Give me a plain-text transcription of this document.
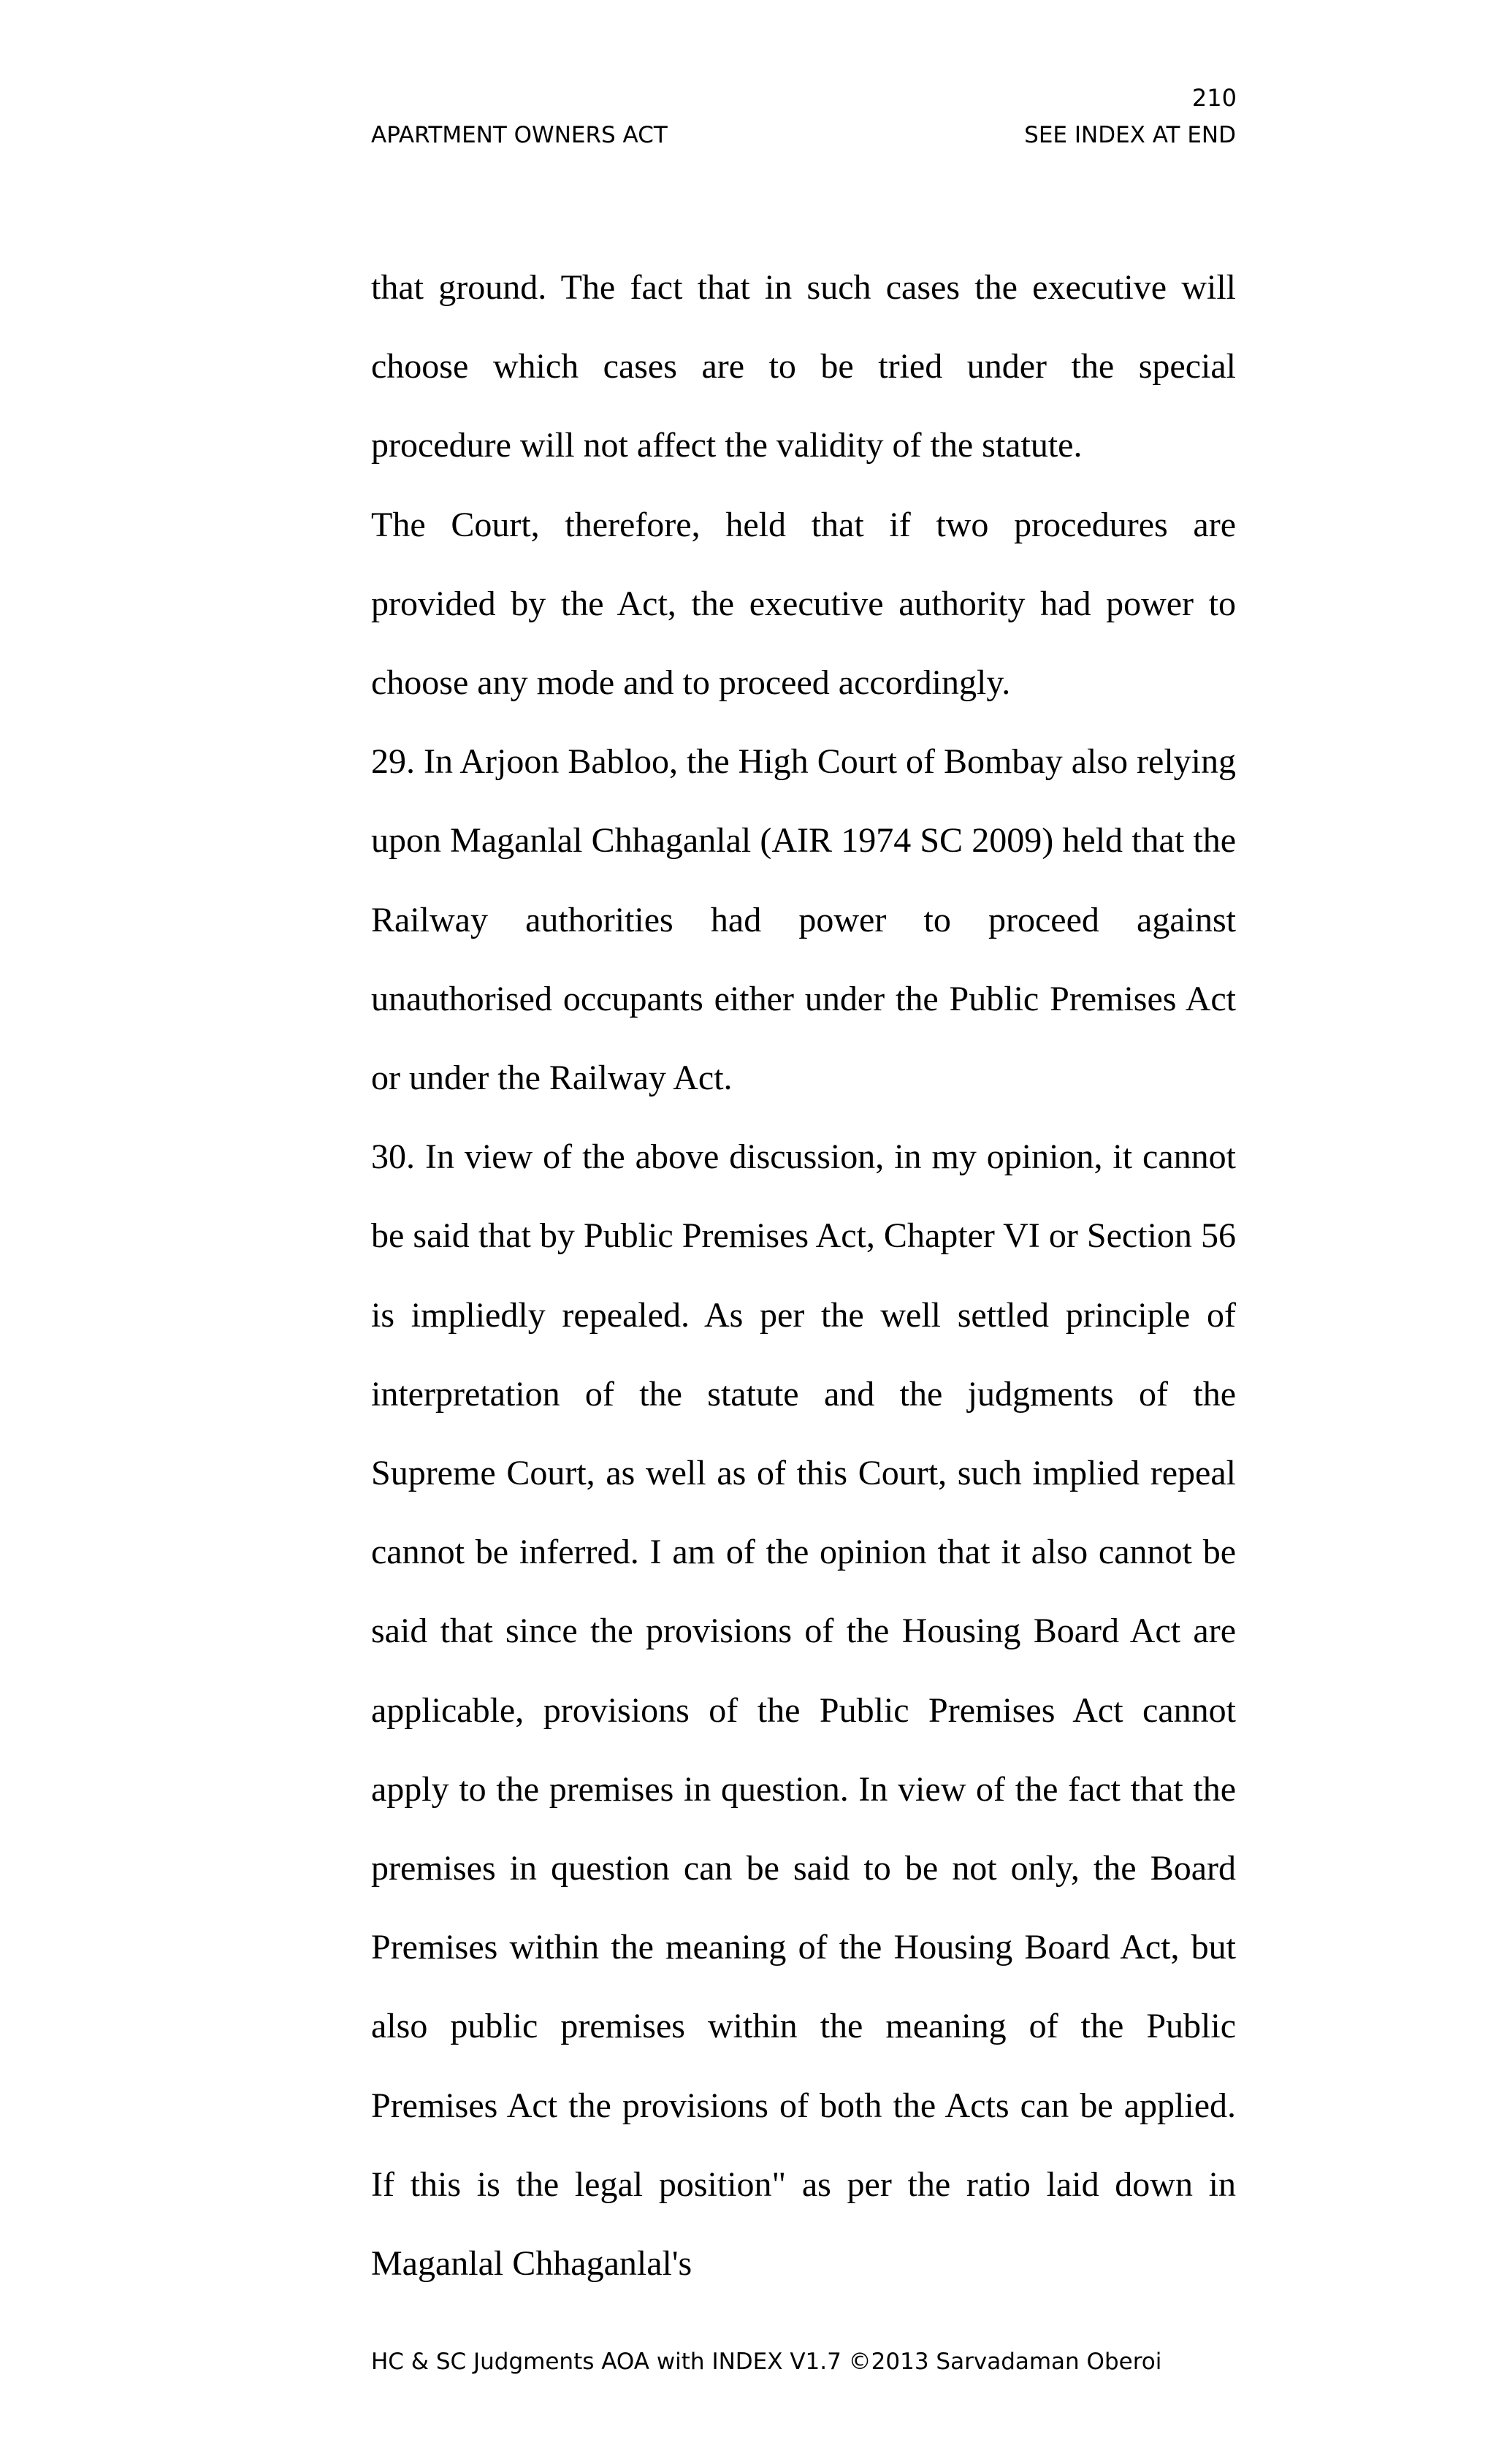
210
APARTMENT OWNERS ACT	SEE INDEX AT END

that ground. The fact that in such cases the executive will choose which cases are to be tried under the special procedure will not affect the validity of the statute.

The Court, therefore, held that if two procedures are provided by the Act, the executive authority had power to choose any mode and to proceed accordingly.

29. In Arjoon Babloo, the High Court of Bombay also relying upon Maganlal Chhaganlal (AIR 1974 SC 2009) held that the Railway authorities had power to proceed against unauthorised occupants either under the Public Premises Act or under the Railway Act.

30. In view of the above discussion, in my opinion, it cannot be said that by Public Premises Act, Chapter VI or Section 56 is impliedly repealed. As per the well settled principle of interpretation of the statute and the judgments of the Supreme Court, as well as of this Court, such implied repeal cannot be inferred. I am of the opinion that it also cannot be said that since the provisions of the Housing Board Act are applicable, provisions of the Public Premises Act cannot apply to the premises in question. In view of the fact that the premises in question can be said to be not only, the Board Premises within the meaning of the Housing Board Act, but also public premises within the meaning of the Public Premises Act the provisions of both the Acts can be applied. If this is the legal position" as per the ratio laid down in Maganlal Chhaganlal's

HC & SC Judgments AOA with INDEX V1.7 ©2013 Sarvadaman Oberoi
